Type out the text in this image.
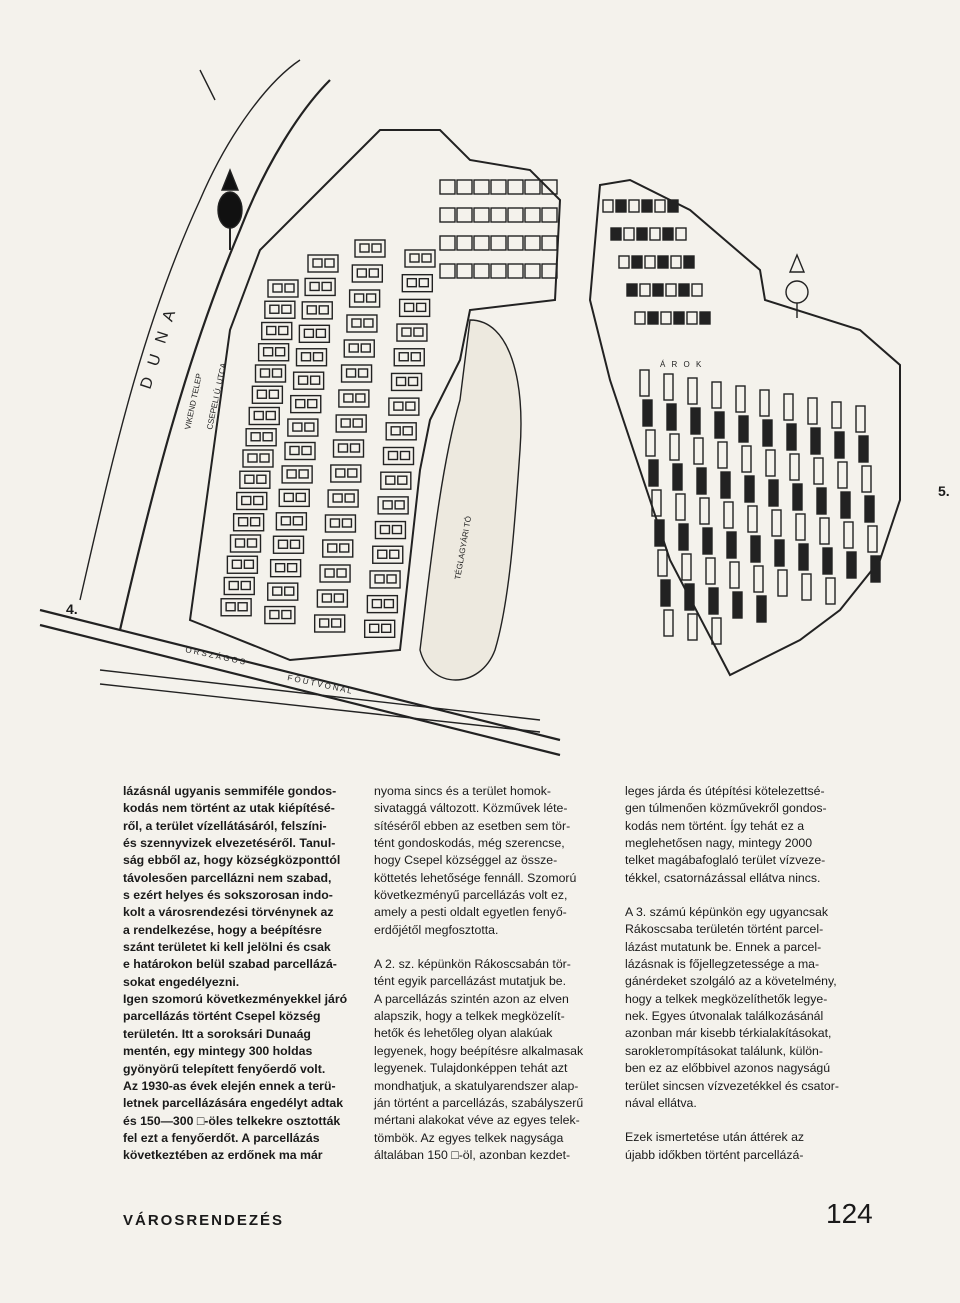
D U N A
VIKEND TELEP CSEPELI Ú. UTCA
O R S Z Á G O S
F Ő U T V O N A L
TÉGLAGYÁRI TÓ
Á R O K
4.
5.

lázásnál ugyanis semmiféle gondos-
kodás nem történt az utak kiépítésé-
ről, a terület vízellátásáról, felszíni-
és szennyvizek elvezetéséről. Tanul-
ság ebből az, hogy községközponttól
távolesően parcellázni nem szabad,
s ezért helyes és sokszorosan indo-
kolt a városrendezési törvénynek az
a rendelkezése, hogy a beépítésre
szánt területet ki kell jelölni és csak
e határokon belül szabad parcellázá-
sokat engedélyezni.

Igen szomorú következményekkel járó
parcellázás történt Csepel község
területén. Itt a soroksári Dunaág
mentén, egy mintegy 300 holdas
gyönyörű telepített fenyőerdő volt.
Az 1930-as évek elején ennek a terü-
letnek parcellázására engedélyt adtak
és 150—300 □-öles telkekre osztották
fel ezt a fenyőerdőt. A parcellázás
következtében az erdőnek ma már

nyoma sincs és a terület homok-
sivataggá változott. Közművek léte-
sítéséről ebben az esetben sem tör-
tént gondoskodás, még szerencse,
hogy Csepel községgel az össze-
köttetés lehetősége fennáll. Szomorú
következményű parcellázás volt ez,
amely a pesti oldalt egyetlen fenyő-
erdőjétől megfosztotta.

A 2. sz. képünkön Rákoscsabán tör-
tént egyik parcellázást mutatjuk be.
A parcellázás szintén azon az elven
alapszik, hogy a telkek megközelít-
hetők és lehetőleg olyan alakúak
legyenek, hogy beépítésre alkalmasak
legyenek. Tulajdonképpen tehát azt
mondhatjuk, a skatulyarendszer alap-
ján történt a parcellázás, szabályszerű
mértani alakokat véve az egyes telek-
tömbök. Az egyes telkek nagysága
általában 150 □-öl, azonban kezdet-

leges járda és útépítési kötelezettsé-
gen túlmenően közművekről gondos-
kodás nem történt. Így tehát ez a
meglehetősen nagy, mintegy 2000
telket magábafoglaló terület vízveze-
tékkel, csatornázással ellátva nincs.

A 3. számú képünkön egy ugyancsak
Rákoscsaba területén történt parcel-
lázást mutatunk be. Ennek a parcel-
lázásnak is főjellegzetessége a ma-
gánérdeket szolgáló az a követelmény,
hogy a telkek megközelíthetők legye-
nek. Egyes útvonalak találkozásánál
azonban már kisebb térkialakításokat,
saroklетompításokat találunk, külön-
ben ez az előbbivel azonos nagyságú
terület sincsen vízvezetékkel és csator-
nával ellátva.

Ezek ismertetése után áttérek az
újabb időkben történt parcellázá-

VÁROSRENDEZÉS	124
